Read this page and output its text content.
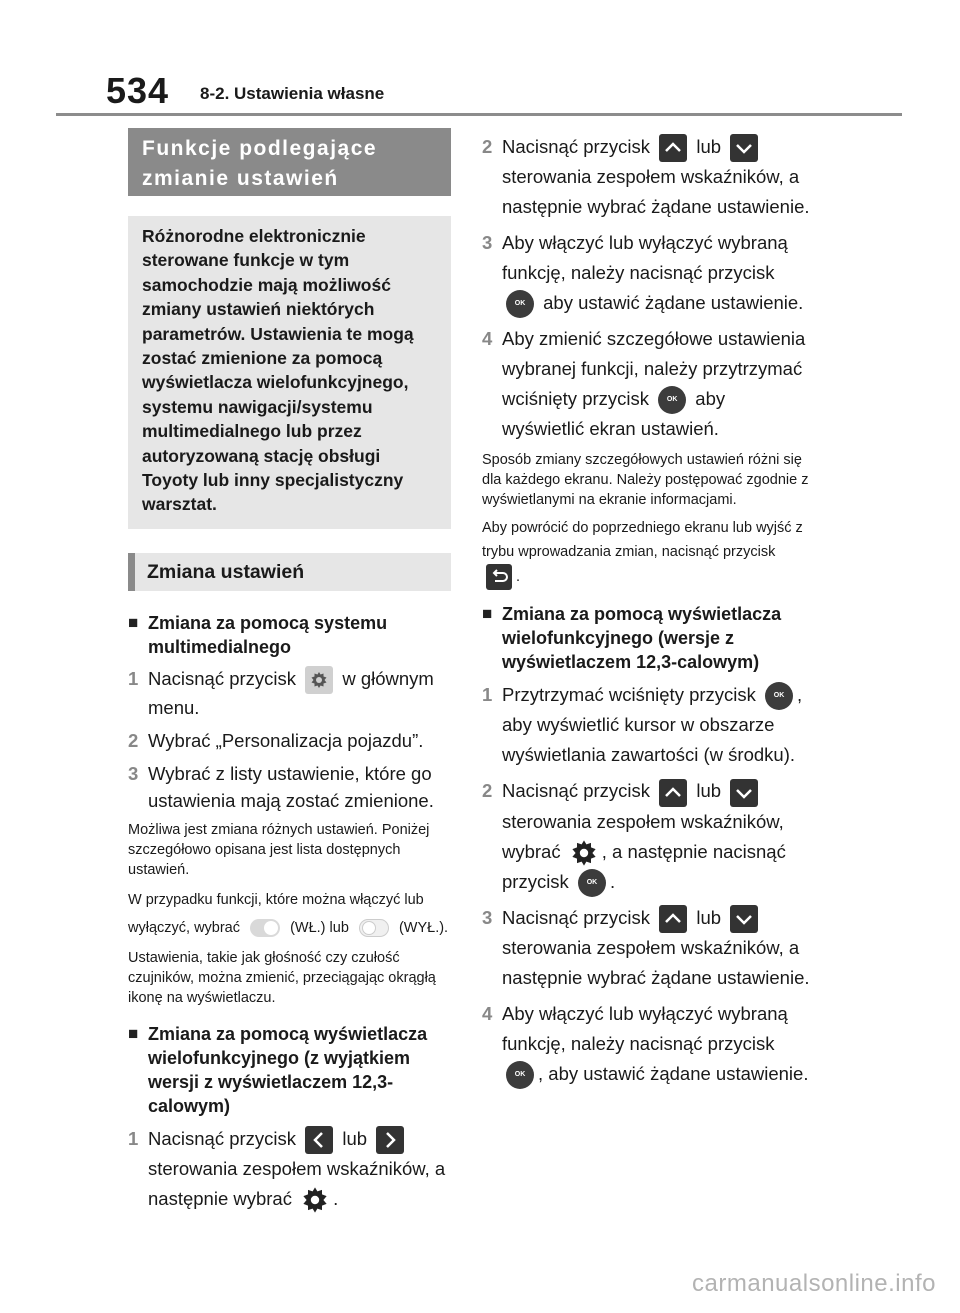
534 8-2. Ustawienia własne
Funkcje podlegające zmianie ustawień
Różnorodne elektronicznie sterowane funkcje w tym samochodzie mają możliwość zmiany ustawień niektórych parametrów. Ustawienia te mogą zostać zmienione za pomocą wyświetlacza wielofunkcyjnego, systemu nawigacji/systemu multimedialnego lub przez autoryzowaną stację obsługi Toyoty lub inny specjalistyczny warsztat.
Zmiana ustawień
■ Zmiana za pomocą systemu multimedialnego
1 Nacisnąć przycisk	w głównym menu.
2 Wybrać „Personalizacja pojazdu”.
3 Wybrać z listy ustawienie, które go ustawienia mają zostać zmienione.
Możliwa jest zmiana różnych ustawień. Poniżej szczegółowo opisana jest lista dostępnych ustawień.
W przypadku funkcji, które można włączyć lub wyłączyć, wybrać	(WŁ.) lub	(WYŁ.).
Ustawienia, takie jak głośność czy czułość czujników, można zmienić, przeciągając okrągłą ikonę na wyświetlaczu.
■ Zmiana za pomocą wyświetlacza wielofunkcyjnego (z wyjątkiem wersji z wyświetlaczem 12,3-calowym)
1 Nacisnąć przycisk	lub
sterowania zespołem wskaźników, a następnie wybrać .
2 Nacisnąć przycisk	lub
sterowania zespołem wskaźników, a następnie wybrać żądane ustawienie.
3 Aby włączyć lub wyłączyć wybraną funkcję, należy nacisnąć przycisk OK aby ustawić żądane ustawienie.
4 Aby zmienić szczegółowe ustawienia wybranej funkcji, należy przytrzymać wciśnięty przycisk	OK aby wyświetlić ekran ustawień.
Sposób zmiany szczegółowych ustawień różni się dla każdego ekranu. Należy postępować zgodnie z wyświetlanymi na ekranie informacjami.
Aby powrócić do poprzedniego ekranu lub wyjść z trybu wprowadzania zmian, nacisnąć przycisk .
■ Zmiana za pomocą wyświetlacza wielofunkcyjnego (wersje z wyświetlaczem 12,3-calowym)
1 Przytrzymać wciśnięty przycisk	OK , aby wyświetlić kursor w obszarze wyświetlania zawartości (w środku).
2 Nacisnąć przycisk	lub
sterowania zespołem wskaźników, wybrać , a następnie nacisnąć przycisk	OK .
3 Nacisnąć przycisk	lub
sterowania zespołem wskaźników, a następnie wybrać żądane ustawienie.
4 Aby włączyć lub wyłączyć wybraną funkcję, należy nacisnąć przycisk OK , aby ustawić żądane ustawienie.
carmanualsonline.info
